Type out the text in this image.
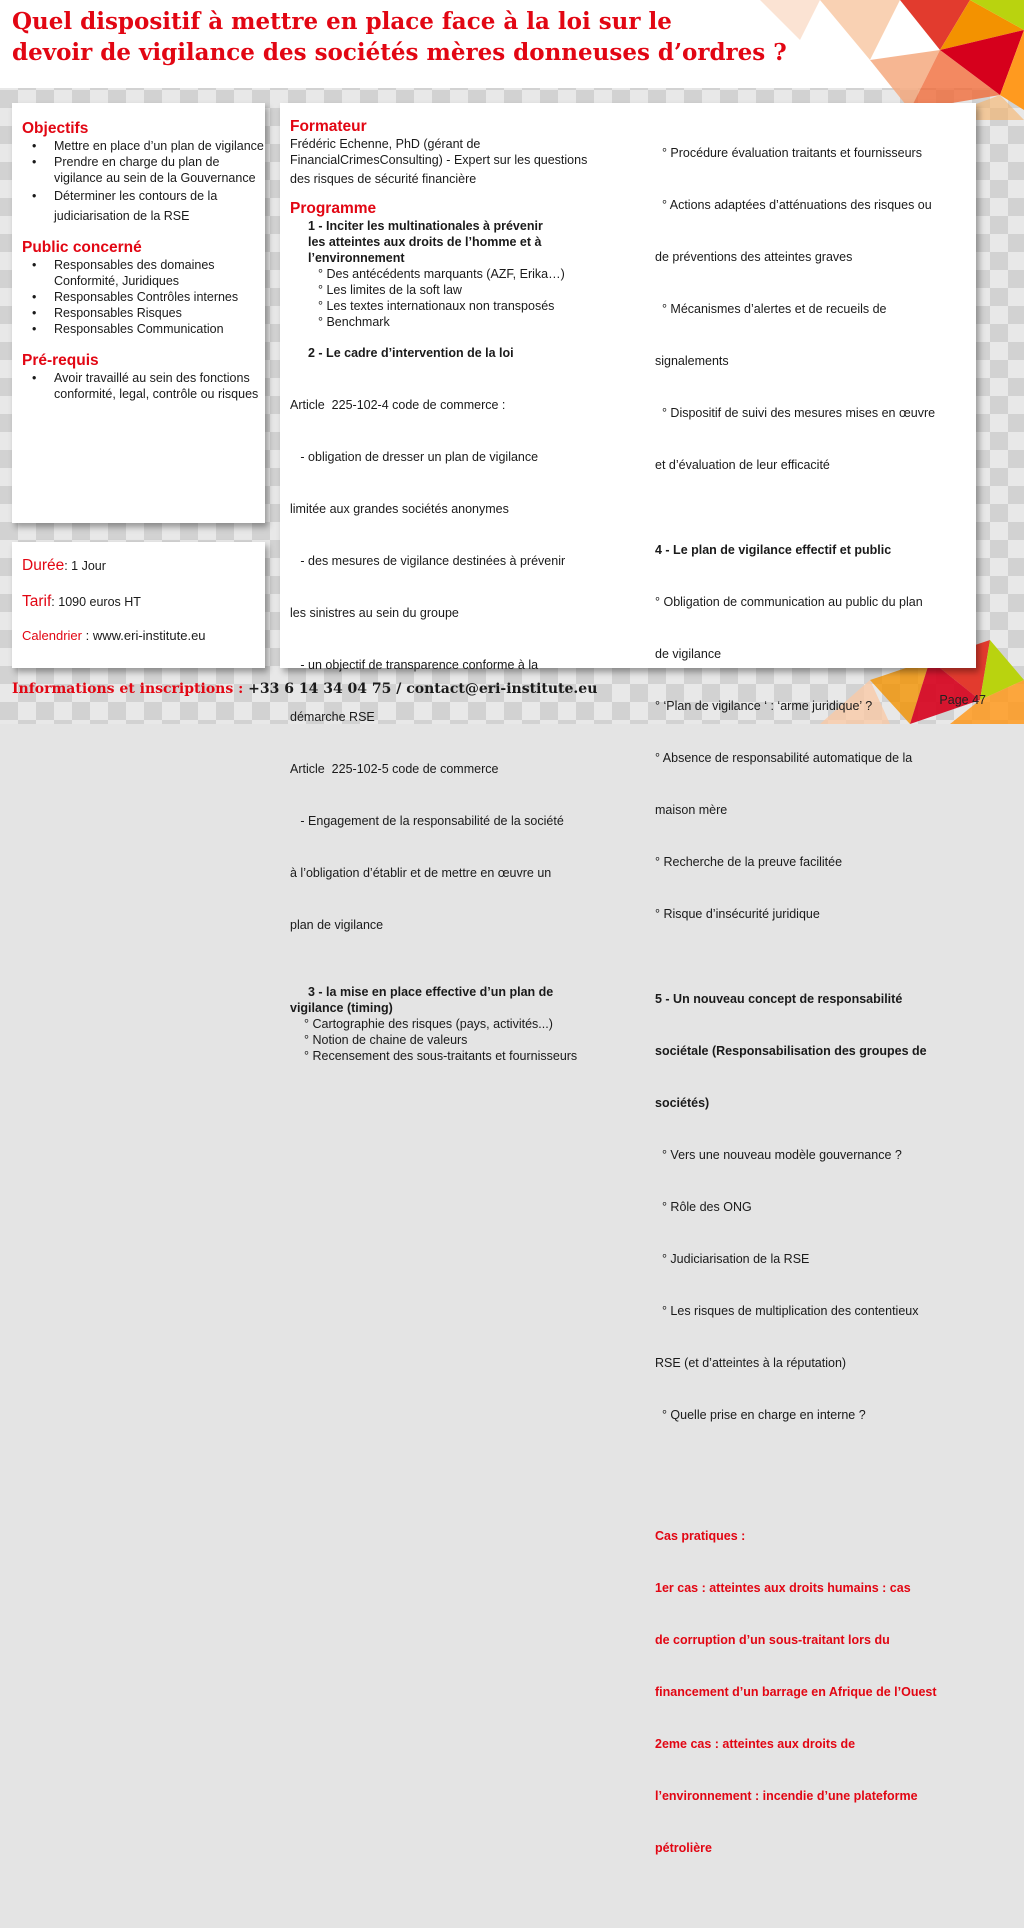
Quel dispositif à mettre en place face à la loi sur le
devoir de vigilance des sociétés mères donneuses d’ordres ?
Objectifs
• Mettre en place d’un plan de vigilance
• Prendre en charge du plan de vigilance au sein de la Gouvernance
• Déterminer les contours de la judiciarisation de la RSE
Public concerné
• Responsables des domaines Conformité, Juridiques
• Responsables Contrôles internes
• Responsables Risques
• Responsables Communication
Pré-requis
• Avoir travaillé au sein des fonctions conformité, legal, contrôle ou risques
Durée: 1 Jour
Tarif: 1090 euros HT
Calendrier : www.eri-institute.eu
Formateur

Frédéric Echenne, PhD (gérant de

FinancialCrimesConsulting) - Expert sur les questions

des risques de sécurité financière

Programme

1 - Inciter les multinationales à prévenir

les atteintes aux droits de l’homme et à

l’environnement

° Des antécédents marquants (AZF, Erika…)

° Les limites de la soft law

° Les textes internationaux non transposés

° Benchmark

2 - Le cadre d’intervention de la loi

Article  225-102-4 code de commerce :

- obligation de dresser un plan de vigilance

limitée aux grandes sociétés anonymes

- des mesures de vigilance destinées à prévenir

les sinistres au sein du groupe

- un objectif de transparence conforme à la

démarche RSE

Article  225-102-5 code de commerce

- Engagement de la responsabilité de la société

à l’obligation d’établir et de mettre en œuvre un

plan de vigilance

3 - la mise en place effective d’un plan de

vigilance (timing)

° Cartographie des risques (pays, activités...)

° Notion de chaine de valeurs

° Recensement des sous-traitants et fournisseurs

° Procédure évaluation traitants et fournisseurs

° Actions adaptées d’atténuations des risques ou

de préventions des atteintes graves

° Mécanismes d’alertes et de recueils de

signalements

° Dispositif de suivi des mesures mises en œuvre

et d’évaluation de leur efficacité

4 - Le plan de vigilance effectif et public

° Obligation de communication au public du plan

de vigilance

° ‘Plan de vigilance ‘ : ‘arme juridique’ ?

° Absence de responsabilité automatique de la

maison mère

° Recherche de la preuve facilitée

° Risque d’insécurité juridique

5 - Un nouveau concept de responsabilité

sociétale (Responsabilisation des groupes de

sociétés)

° Vers une nouveau modèle gouvernance ?

° Rôle des ONG

° Judiciarisation de la RSE

° Les risques de multiplication des contentieux

RSE (et d’atteintes à la réputation)

° Quelle prise en charge en interne ?

Cas pratiques :

1er cas : atteintes aux droits humains : cas

de corruption d’un sous-traitant lors du

financement d’un barrage en Afrique de l’Ouest

2eme cas : atteintes aux droits de

l’environnement : incendie d’une plateforme

pétrolière

Informations et inscriptions : +33 6 14 34 04 75 / contact@eri-institute.eu
Page 47
